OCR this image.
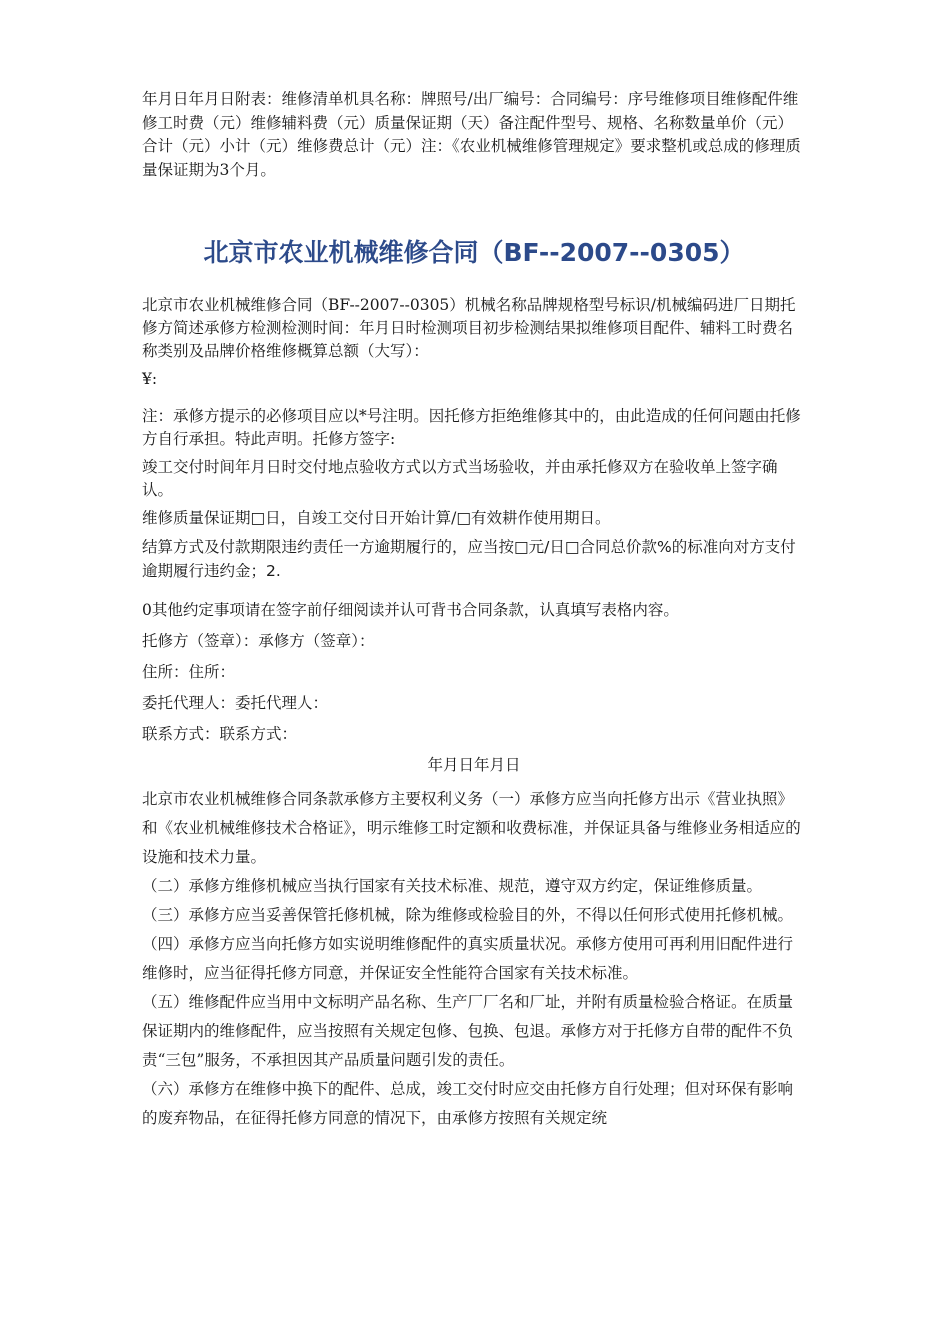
年月日年月日附表：维修清单机具名称：牌照号/出厂编号：合同编号：序号维修项目维修配件维修工时费（元）维修辅料费（元）质量保证期（天）备注配件型号、规格、名称数量单价（元）合计（元）小计（元）维修费总计（元）注：《农业机械维修管理规定》要求整机或总成的修理质量保证期为3个月。

北京市农业机械维修合同（BF--2007--0305）

北京市农业机械维修合同（BF--2007--0305）机械名称品牌规格型号标识/机械编码进厂日期托修方简述承修方检测检测时间：年月日时检测项目初步检测结果拟维修项目配件、辅料工时费名称类别及品牌价格维修概算总额（大写）：

¥:

注：承修方提示的必修项目应以*号注明。因托修方拒绝维修其中的，由此造成的任何问题由托修方自行承担。特此声明。托修方签字:

竣工交付时间年月日时交付地点验收方式以方式当场验收，并由承托修双方在验收单上签字确认。

维修质量保证期□日，自竣工交付日开始计算/□有效耕作使用期日。

结算方式及付款期限违约责任一方逾期履行的，应当按□元/日□合同总价款%的标准向对方支付逾期履行违约金；2.

0其他约定事项请在签字前仔细阅读并认可背书合同条款，认真填写表格内容。

托修方（签章）：承修方（签章）：

住所：住所：

委托代理人：委托代理人：

联系方式：联系方式：

年月日年月日

北京市农业机械维修合同条款承修方主要权利义务（一）承修方应当向托修方出示《营业执照》和《农业机械维修技术合格证》，明示维修工时定额和收费标准，并保证具备与维修业务相适应的设施和技术力量。

（二）承修方维修机械应当执行国家有关技术标准、规范，遵守双方约定，保证维修质量。

（三）承修方应当妥善保管托修机械，除为维修或检验目的外，不得以任何形式使用托修机械。

（四）承修方应当向托修方如实说明维修配件的真实质量状况。承修方使用可再利用旧配件进行维修时，应当征得托修方同意，并保证安全性能符合国家有关技术标准。

（五）维修配件应当用中文标明产品名称、生产厂厂名和厂址，并附有质量检验合格证。在质量保证期内的维修配件，应当按照有关规定包修、包换、包退。承修方对于托修方自带的配件不负责“三包”服务，不承担因其产品质量问题引发的责任。

（六）承修方在维修中换下的配件、总成，竣工交付时应交由托修方自行处理；但对环保有影响的废弃物品，在征得托修方同意的情况下，由承修方按照有关规定统
